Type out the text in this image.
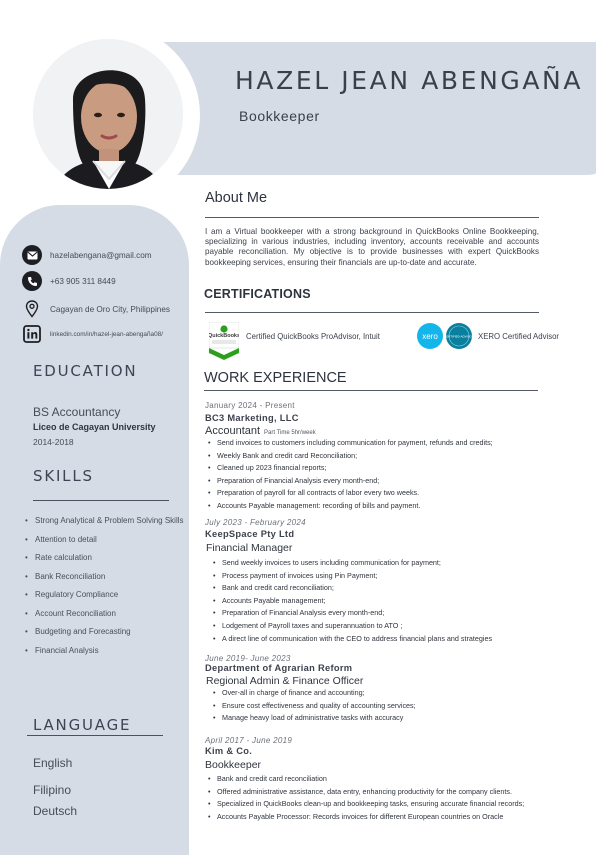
HAZEL JEAN ABENGAÑA
Bookkeeper
hazelabengana@gmail.com
+63 905 311 8449
Cagayan de Oro City, Philippines
linkedin.com/in/hazel-jean-abengaña08/
EDUCATION
BS Accountancy
Liceo de Cagayan University
2014-2018
SKILLS
• Strong Analytical & Problem Solving Skills
• Attention to detail
• Rate calculation
• Bank Reconciliation
• Regulatory Compliance
• Account Reconciliation
• Budgeting and Forecasting
• Financial Analysis
LANGUAGE
English
Filipino
Deutsch
About Me
I am a Virtual bookkeeper with a strong background in QuickBooks Online Bookkeeping, specializing in various industries, including inventory, accounts receivable and accounts payable reconciliation. My objective is to provide businesses with expert QuickBooks bookkeeping services, ensuring their financials are up-to-date and accurate.
CERTIFICATIONS
QuickBooks Certified QuickBooks ProAdvisor, Intuit	xero CERTIFIED ADVISOR XERO Certified Advisor
WORK EXPERIENCE
January 2024 - Present
BC3 Marketing, LLC
Accountant Part Time 5hr/week
• Send invoices to customers including communication for payment, refunds and credits;
• Weekly Bank and credit card Reconciliation;
• Cleaned up 2023 financial reports;
• Preparation of Financial Analysis every month-end;
• Preparation of payroll for all contracts of labor every two weeks.
• Accounts Payable management: recording of bills and payment.
July 2023 - February 2024
KeepSpace Pty Ltd
Financial Manager
• Send weekly invoices to users including communication for payment;
• Process payment of invoices using Pin Payment;
• Bank and credit card reconciliation;
• Accounts Payable management;
• Preparation of Financial Analysis every month-end;
• Lodgement of Payroll taxes and superannuation to ATO ;
• A direct line of communication with the CEO to address financial plans and strategies
June 2019- June 2023
Department of Agrarian Reform
Regional Admin & Finance Officer
• Over-all in charge of finance and accounting;
• Ensure cost effectiveness and quality of accounting services;
• Manage heavy load of administrative tasks with accuracy
April 2017 - June 2019
Kim & Co.
Bookkeeper
• Bank and credit card reconciliation
• Offered administrative assistance, data entry, enhancing productivity for the company clients.
• Specialized in QuickBooks clean-up and bookkeeping tasks, ensuring accurate financial records;
• Accounts Payable Processor: Records invoices for different European countries on Oracle
